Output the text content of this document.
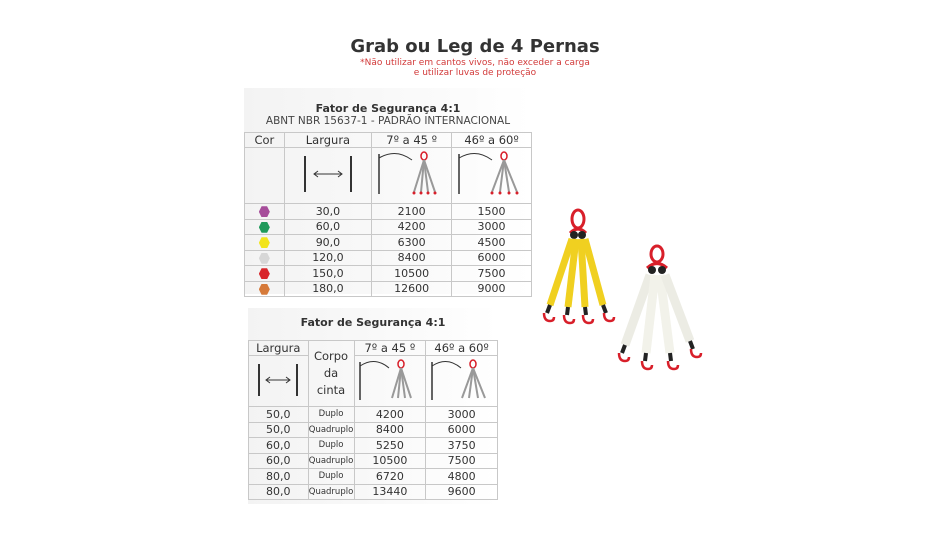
Grab ou Leg de 4 Pernas
*Não utilizar em cantos vivos, não exceder a carga
e utilizar luvas de proteção
Fator de Segurança 4:1
ABNT NBR 15637-1 - PADRÃO INTERNACIONAL
Cor	Largura	7º a 45 º	46º a 60º

	30,0	2100	1500
	60,0	4200	3000
	90,0	6300	4500
	120,0	8400	6000
	150,0	10500	7500
	180,0	12600	9000
Fator de Segurança 4:1
Largura	Corpo
da
cinta	7º a 45 º	46º a 60º

50,0	Duplo	4200	3000
50,0	Quadruplo	8400	6000
60,0	Duplo	5250	3750
60,0	Quadruplo	10500	7500
80,0	Duplo	6720	4800
80,0	Quadruplo	13440	9600
